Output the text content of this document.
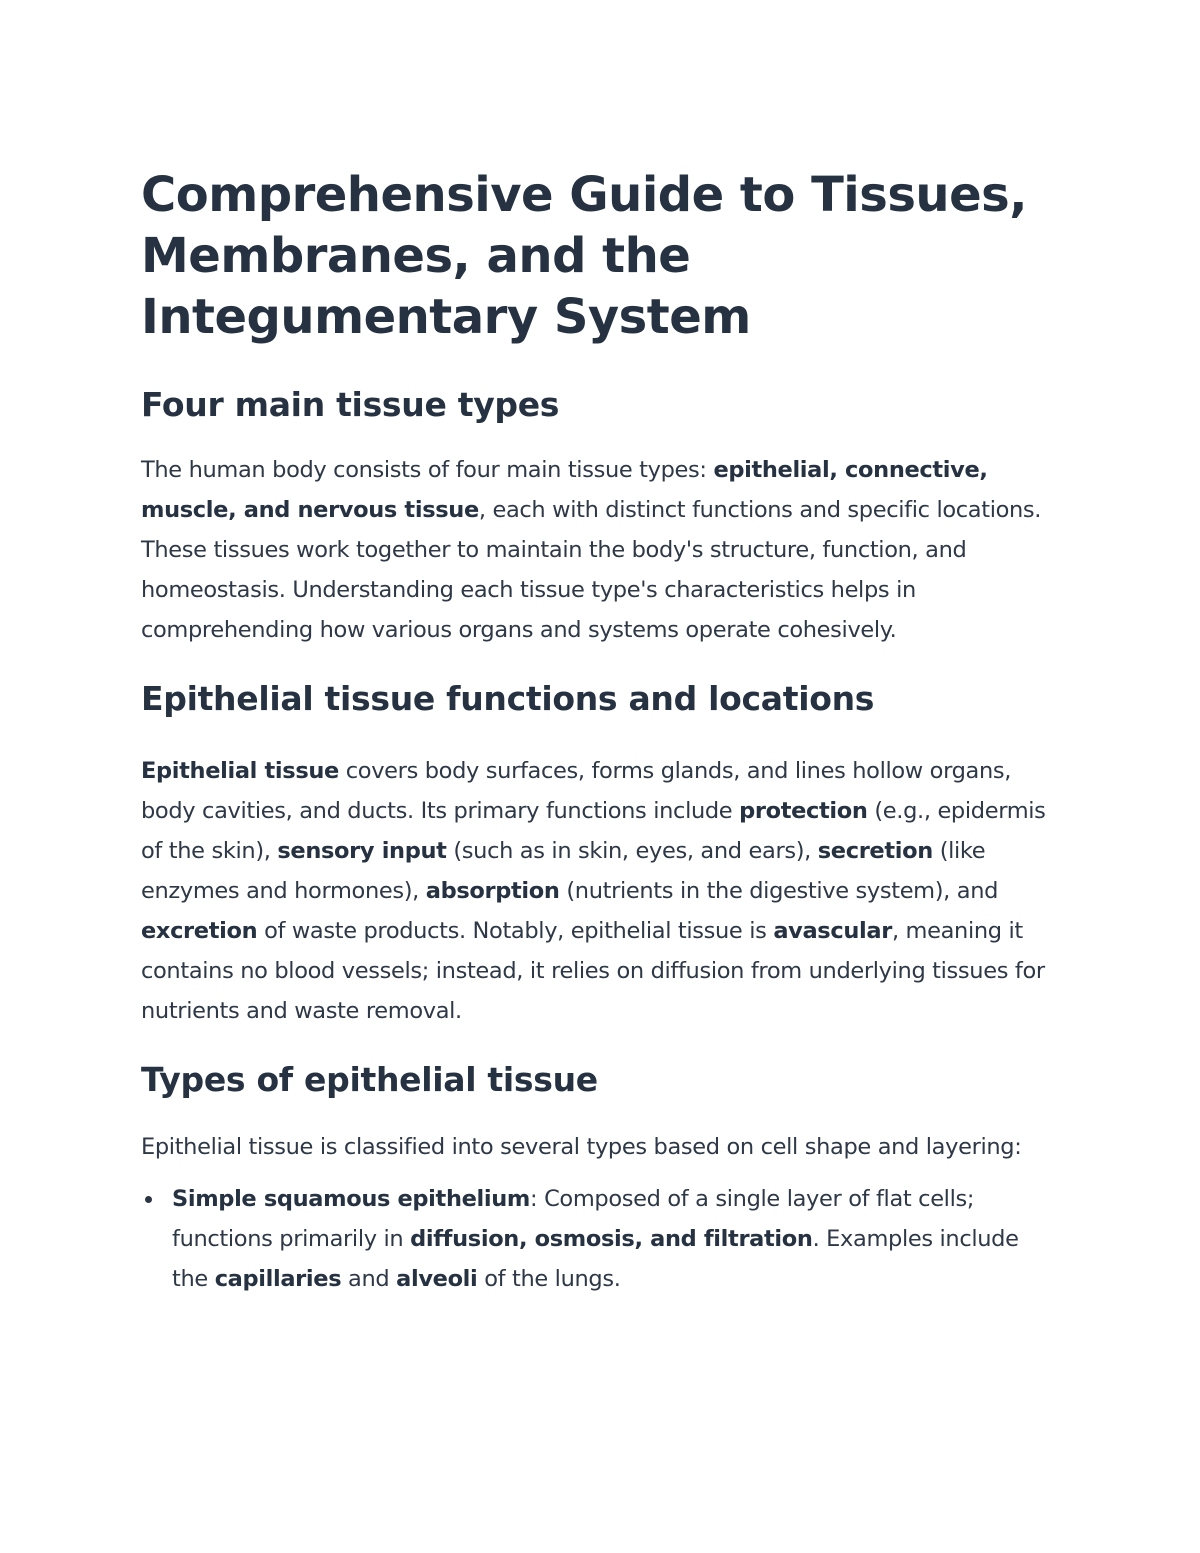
Comprehensive Guide to Tissues, Membranes, and the Integumentary System
Four main tissue types

The human body consists of four main tissue types: epithelial, connective, muscle, and nervous tissue, each with distinct functions and specific locations. These tissues work together to maintain the body's structure, function, and homeostasis. Understanding each tissue type's characteristics helps in comprehending how various organs and systems operate cohesively.

Epithelial tissue functions and locations

Epithelial tissue covers body surfaces, forms glands, and lines hollow organs, body cavities, and ducts. Its primary functions include protection (e.g., epidermis of the skin), sensory input (such as in skin, eyes, and ears), secretion (like enzymes and hormones), absorption (nutrients in the digestive system), and excretion of waste products. Notably, epithelial tissue is avascular, meaning it contains no blood vessels; instead, it relies on diffusion from underlying tissues for nutrients and waste removal.

Types of epithelial tissue

Epithelial tissue is classified into several types based on cell shape and layering:

Simple squamous epithelium: Composed of a single layer of flat cells; functions primarily in diffusion, osmosis, and filtration. Examples include the capillaries and alveoli of the lungs.
